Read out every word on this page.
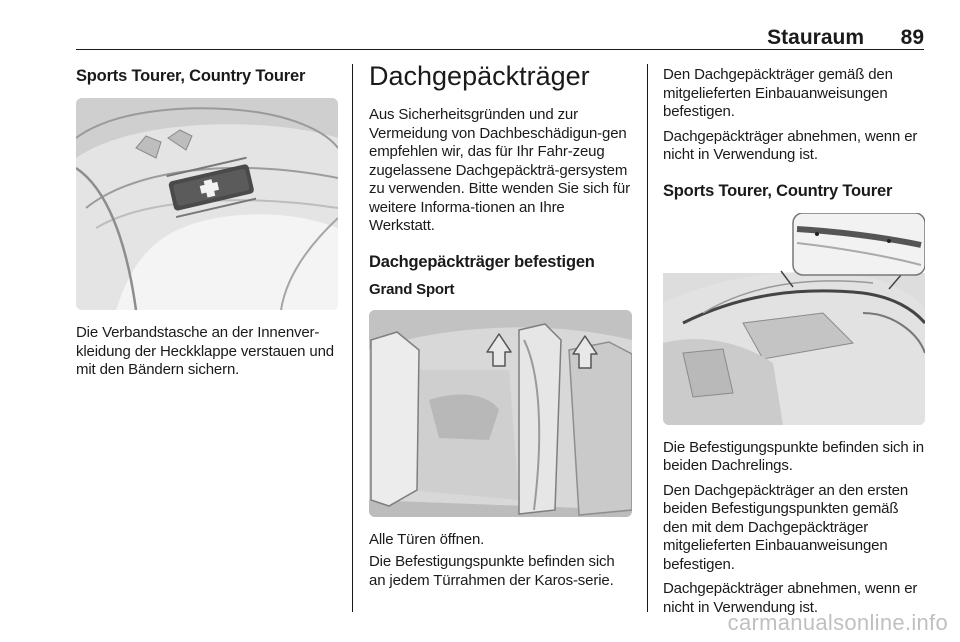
Stauraum 89
Sports Tourer, Country Tourer

Die Verbandstasche an der Innenver-kleidung der Heckklappe verstauen und mit den Bändern sichern.

Dachgepäckträger

Aus Sicherheitsgründen und zur Vermeidung von Dachbeschädigun-gen empfehlen wir, das für Ihr Fahr-zeug zugelassene Dachgepäckträ-gersystem zu verwenden. Bitte wenden Sie sich für weitere Informa-tionen an Ihre Werkstatt.

Dachgepäckträger befestigen
Grand Sport

Alle Türen öffnen.

Die Befestigungspunkte befinden sich an jedem Türrahmen der Karos-serie.

Den Dachgepäckträger gemäß den mitgelieferten Einbauanweisungen befestigen.

Dachgepäckträger abnehmen, wenn er nicht in Verwendung ist.

Sports Tourer, Country Tourer

Die Befestigungspunkte befinden sich in beiden Dachrelings.

Den Dachgepäckträger an den ersten beiden Befestigungspunkten gemäß den mit dem Dachgepäckträger mitgelieferten Einbauanweisungen befestigen.

Dachgepäckträger abnehmen, wenn er nicht in Verwendung ist.

carmanualsonline.info
